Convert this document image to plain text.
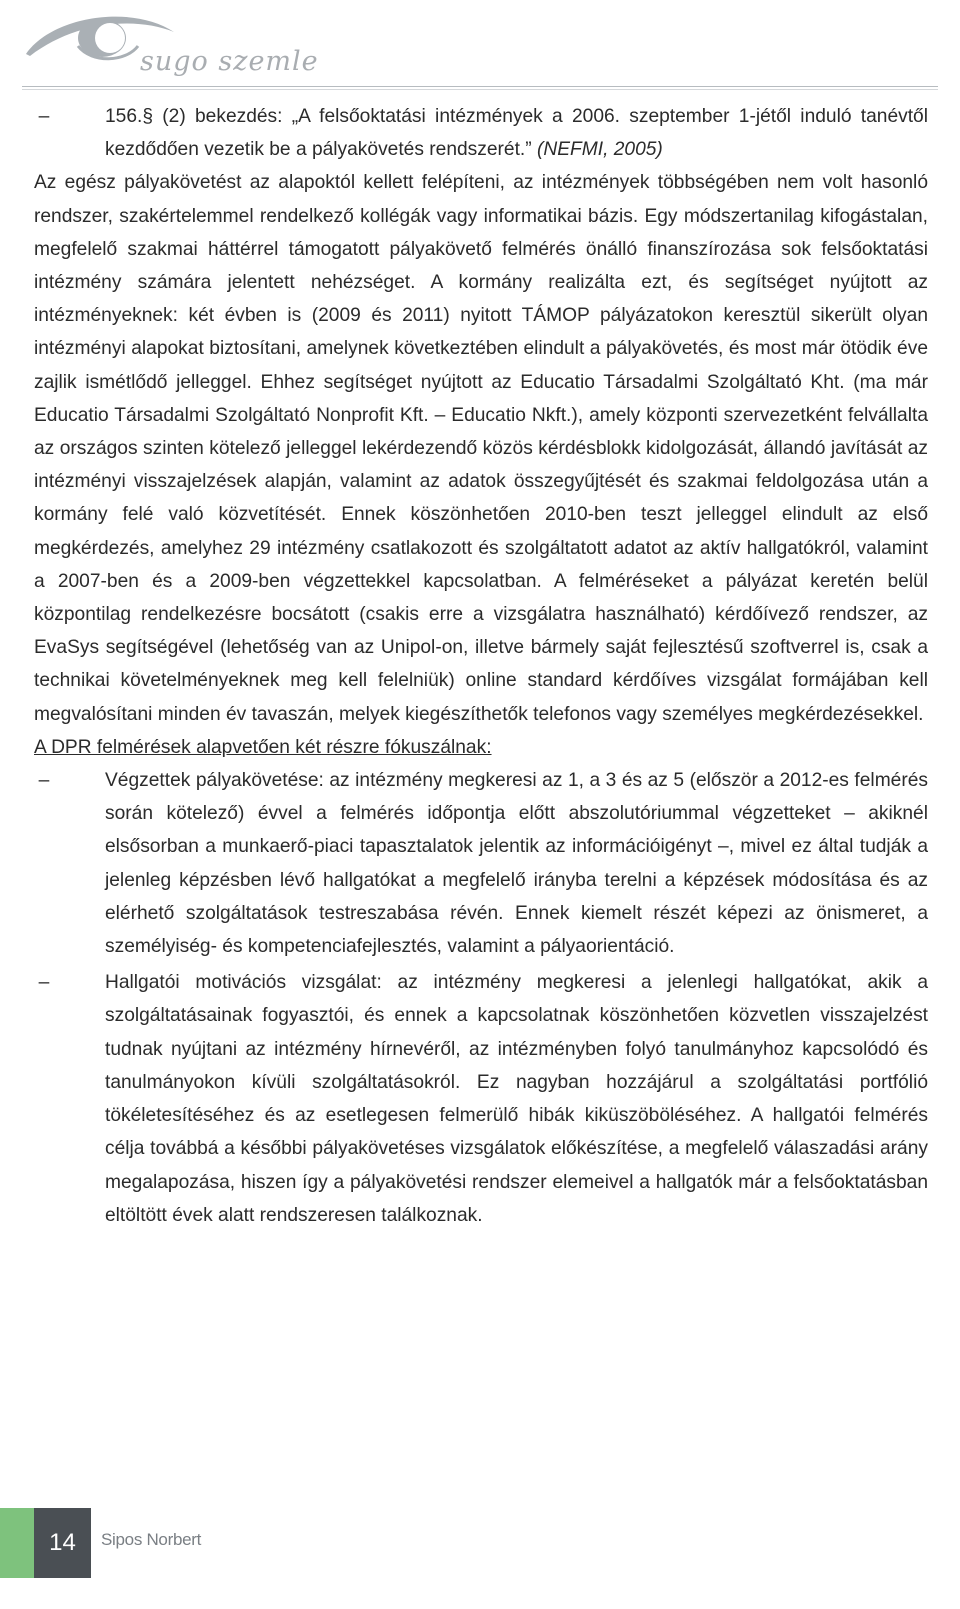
sugo szemle
–	156.§ (2) bekezdés: „A felsőoktatási intézmények a 2006. szeptember 1-jétől induló tanévtől kezdődően vezetik be a pályakövetés rendszerét.” (NEFMI, 2005)

Az egész pályakövetést az alapoktól kellett felépíteni, az intézmények többségében nem volt hasonló rendszer, szakértelemmel rendelkező kollégák vagy informatikai bázis. Egy módszertanilag kifogástalan, megfelelő szakmai háttérrel támogatott pályakövető felmérés önálló finanszírozása sok felsőoktatási intézmény számára jelentett nehézséget. A kormány realizálta ezt, és segítséget nyújtott az intézményeknek: két évben is (2009 és 2011) nyitott TÁMOP pályázatokon keresztül sikerült olyan intézményi alapokat biztosítani, amelynek következtében elindult a pályakövetés, és most már ötödik éve zajlik ismétlődő jelleggel. Ehhez segítséget nyújtott az Educatio Társadalmi Szolgáltató Kht. (ma már Educatio Társadalmi Szolgáltató Nonprofit Kft. – Educatio Nkft.), amely központi szervezetként felvállalta az országos szinten kötelező jelleggel lekérdezendő közös kérdésblokk kidolgozását, állandó javítását az intézményi visszajelzések alapján, valamint az adatok összegyűjtését és szakmai feldolgozása után a kormány felé való közvetítését. Ennek köszönhetően 2010-ben teszt jelleggel elindult az első megkérdezés, amelyhez 29 intézmény csatlakozott és szolgáltatott adatot az aktív hallgatókról, valamint a 2007-ben és a 2009-ben végzettekkel kapcsolatban. A felméréseket a pályázat keretén belül központilag rendelkezésre bocsátott (csakis erre a vizsgálatra használható) kérdőívező rendszer, az EvaSys segítségével (lehetőség van az Unipol-on, illetve bármely saját fejlesztésű szoftverrel is, csak a technikai követelményeknek meg kell felelniük) online standard kérdőíves vizsgálat formájában kell megvalósítani minden év tavaszán, melyek kiegészíthetők telefonos vagy személyes megkérdezésekkel.

A DPR felmérések alapvetően két részre fókuszálnak:

–	Végzettek pályakövetése: az intézmény megkeresi az 1, a 3 és az 5 (először a 2012-es felmérés során kötelező) évvel a felmérés időpontja előtt abszolutóriummal végzetteket – akiknél elsősorban a munkaerő-piaci tapasztalatok jelentik az információigényt –, mivel ez által tudják a jelenleg képzésben lévő hallgatókat a megfelelő irányba terelni a képzések módosítása és az elérhető szolgáltatások testreszabása révén. Ennek kiemelt részét képezi az önismeret, a személyiség- és kompetenciafejlesztés, valamint a pályaorientáció.
–	Hallgatói motivációs vizsgálat: az intézmény megkeresi a jelenlegi hallgatókat, akik a szolgáltatásainak fogyasztói, és ennek a kapcsolatnak köszönhetően közvetlen visszajelzést tudnak nyújtani az intézmény hírnevéről, az intézményben folyó tanulmányhoz kapcsolódó és tanulmányokon kívüli szolgáltatásokról. Ez nagyban hozzájárul a szolgáltatási portfólió tökéletesítéséhez és az esetlegesen felmerülő hibák kiküszöböléséhez. A hallgatói felmérés célja továbbá a későbbi pályakövetéses vizsgálatok előkészítése, a megfelelő válaszadási arány megalapozása, hiszen így a pályakövetési rendszer elemeivel a hallgatók már a felsőoktatásban eltöltött évek alatt rendszeresen találkoznak.
14	Sipos Norbert
